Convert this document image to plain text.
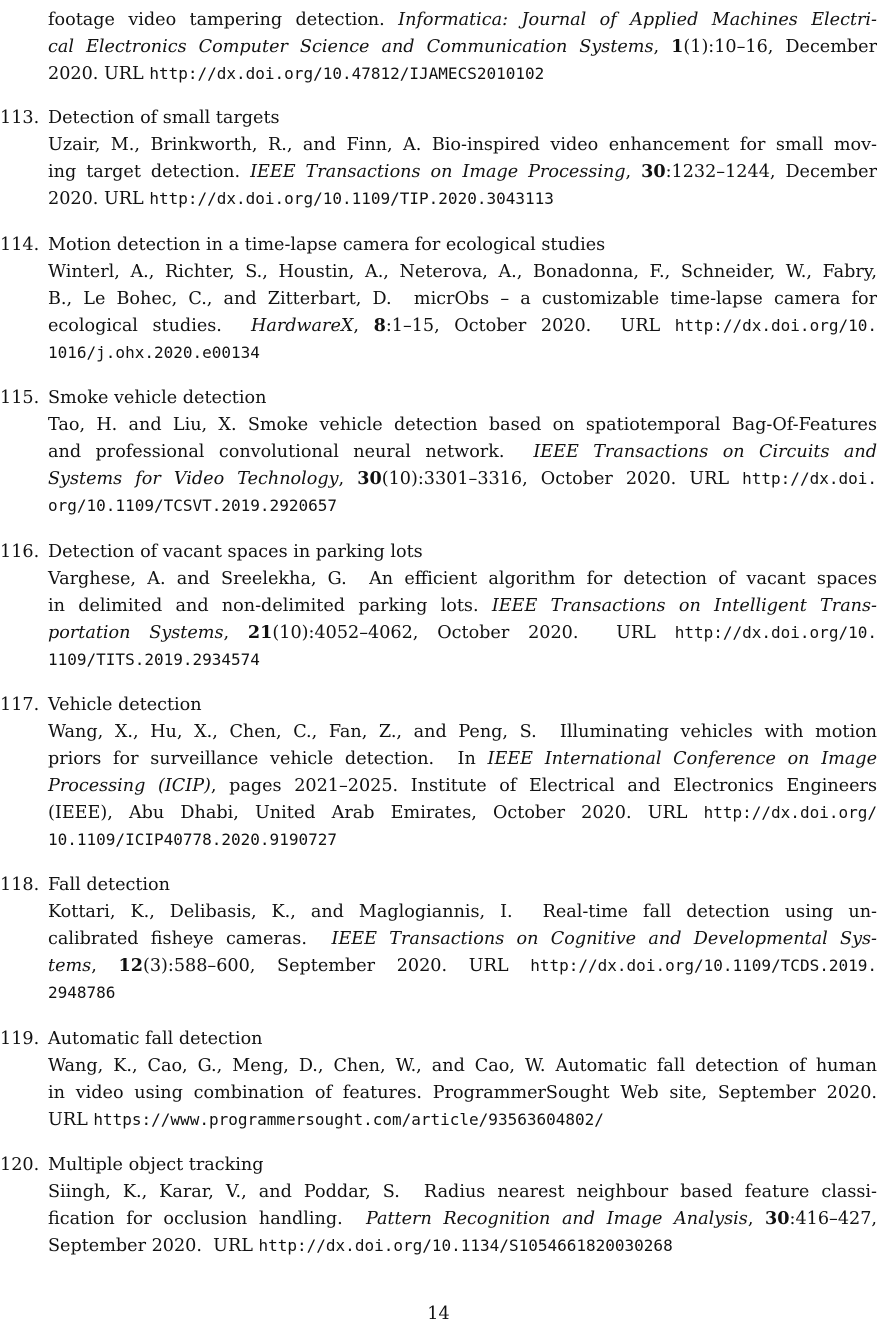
footage video tampering detection. Informatica: Journal of Applied Machines Electri-
cal Electronics Computer Science and Communication Systems, 1(1):10–16, December
2020. URL http://dx.doi.org/10.47812/IJAMECS2010102
113. Detection of small targets
Uzair, M., Brinkworth, R., and Finn, A. Bio-inspired video enhancement for small mov-
ing target detection. IEEE Transactions on Image Processing, 30:1232–1244, December
2020. URL http://dx.doi.org/10.1109/TIP.2020.3043113
114. Motion detection in a time-lapse camera for ecological studies
Winterl, A., Richter, S., Houstin, A., Neterova, A., Bonadonna, F., Schneider, W., Fabry,
B., Le Bohec, C., and Zitterbart, D.  micrObs – a customizable time-lapse camera for
ecological studies.  HardwareX, 8:1–15, October 2020.  URL http://dx.doi.org/10.
1016/j.ohx.2020.e00134
115. Smoke vehicle detection
Tao, H. and Liu, X. Smoke vehicle detection based on spatiotemporal Bag-Of-Features
and professional convolutional neural network.  IEEE Transactions on Circuits and
Systems for Video Technology, 30(10):3301–3316, October 2020. URL http://dx.doi.
org/10.1109/TCSVT.2019.2920657
116. Detection of vacant spaces in parking lots
Varghese, A. and Sreelekha, G.  An efficient algorithm for detection of vacant spaces
in delimited and non-delimited parking lots. IEEE Transactions on Intelligent Trans-
portation Systems, 21(10):4052–4062, October 2020.  URL http://dx.doi.org/10.
1109/TITS.2019.2934574
117. Vehicle detection
Wang, X., Hu, X., Chen, C., Fan, Z., and Peng, S.  Illuminating vehicles with motion
priors for surveillance vehicle detection.  In IEEE International Conference on Image
Processing (ICIP), pages 2021–2025. Institute of Electrical and Electronics Engineers
(IEEE), Abu Dhabi, United Arab Emirates, October 2020. URL http://dx.doi.org/
10.1109/ICIP40778.2020.9190727
118. Fall detection
Kottari, K., Delibasis, K., and Maglogiannis, I.  Real-time fall detection using un-
calibrated fisheye cameras.  IEEE Transactions on Cognitive and Developmental Sys-
tems, 12(3):588–600, September 2020. URL http://dx.doi.org/10.1109/TCDS.2019.
2948786
119. Automatic fall detection
Wang, K., Cao, G., Meng, D., Chen, W., and Cao, W. Automatic fall detection of human
in video using combination of features. ProgrammerSought Web site, September 2020.
URL https://www.programmersought.com/article/93563604802/
120. Multiple object tracking
Siingh, K., Karar, V., and Poddar, S.  Radius nearest neighbour based feature classi-
fication for occlusion handling.  Pattern Recognition and Image Analysis, 30:416–427,
September 2020.  URL http://dx.doi.org/10.1134/S1054661820030268
14
